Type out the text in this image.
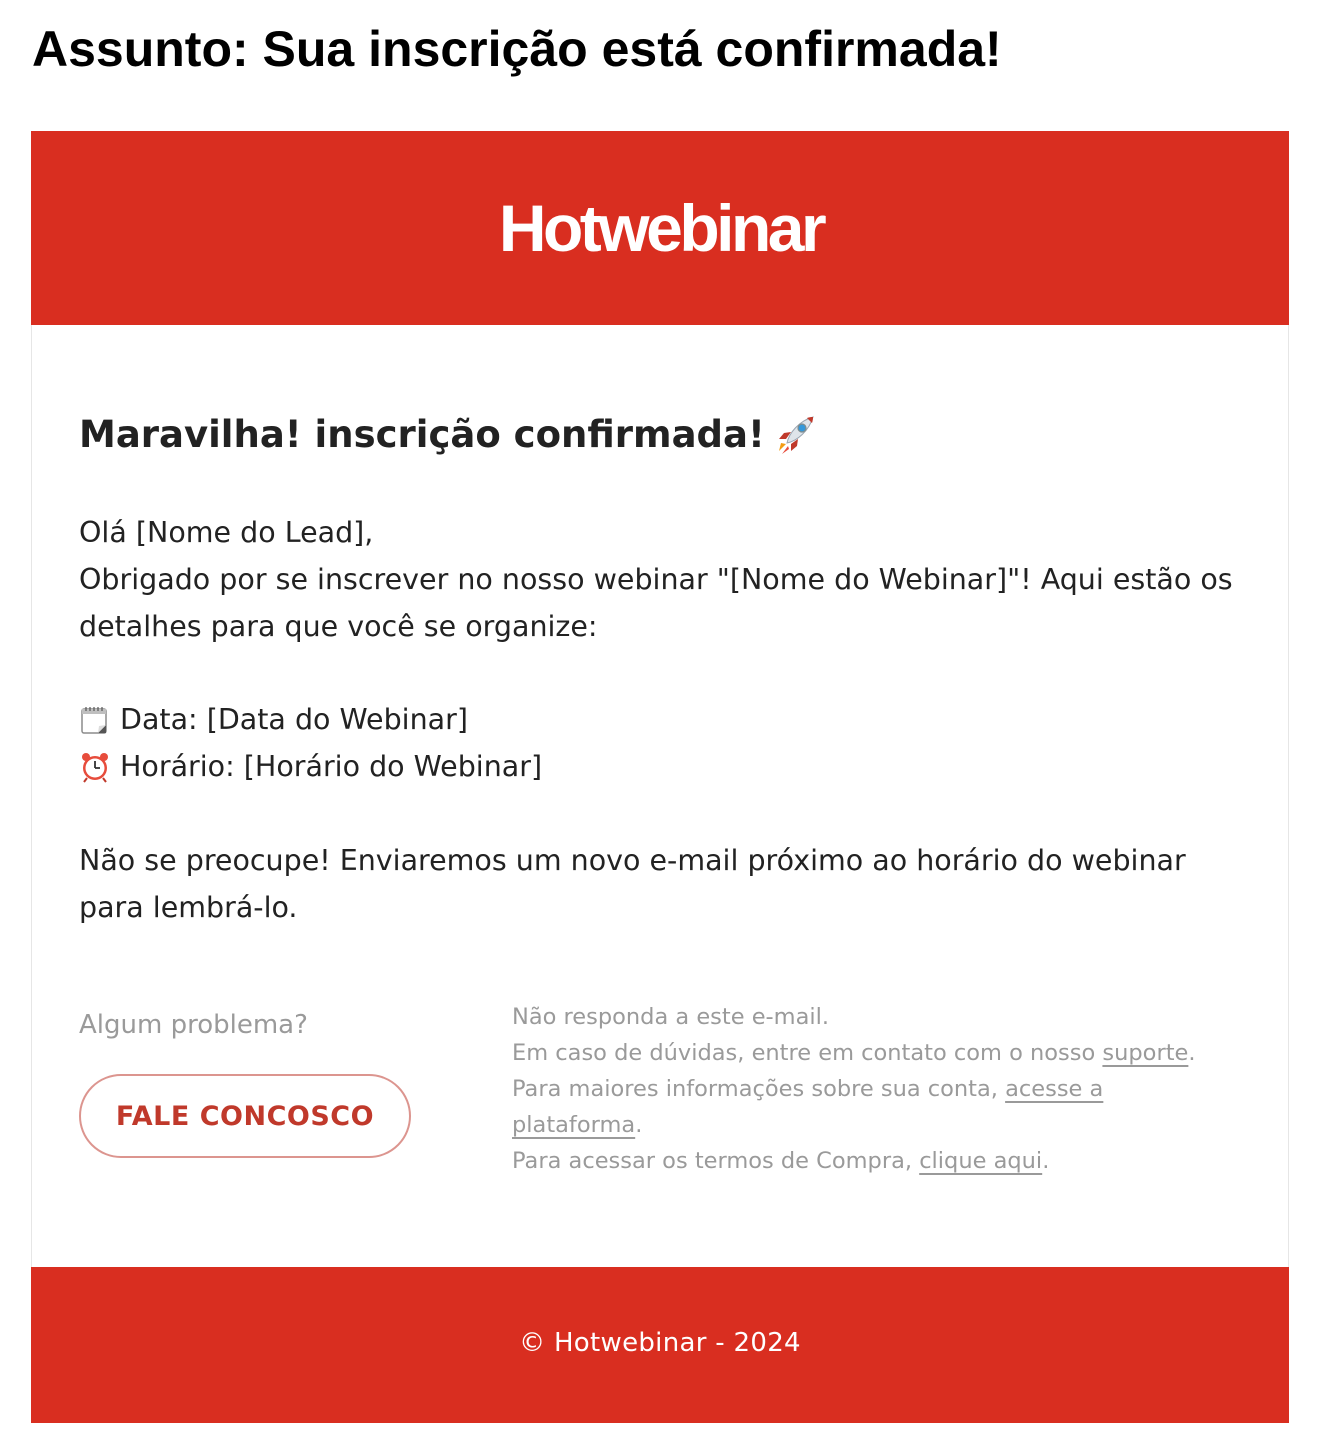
Assunto: Sua inscrição está confirmada!
Hotwebinar
Maravilha! inscrição confirmada!

Olá [Nome do Lead],

Obrigado por se inscrever no nosso webinar "[Nome do Webinar]"! Aqui estão os detalhes para que você se organize:

Data: [Data do Webinar]
Horário: [Horário do Webinar]

Não se preocupe! Enviaremos um novo e-mail próximo ao horário do webinar para lembrá-lo.

Algum problema?
FALE CONCOSCO

Não responda a este e-mail.

Em caso de dúvidas, entre em contato com o nosso suporte.

Para maiores informações sobre sua conta, acesse a plataforma.

Para acessar os termos de Compra, clique aqui.

© Hotwebinar - 2024
